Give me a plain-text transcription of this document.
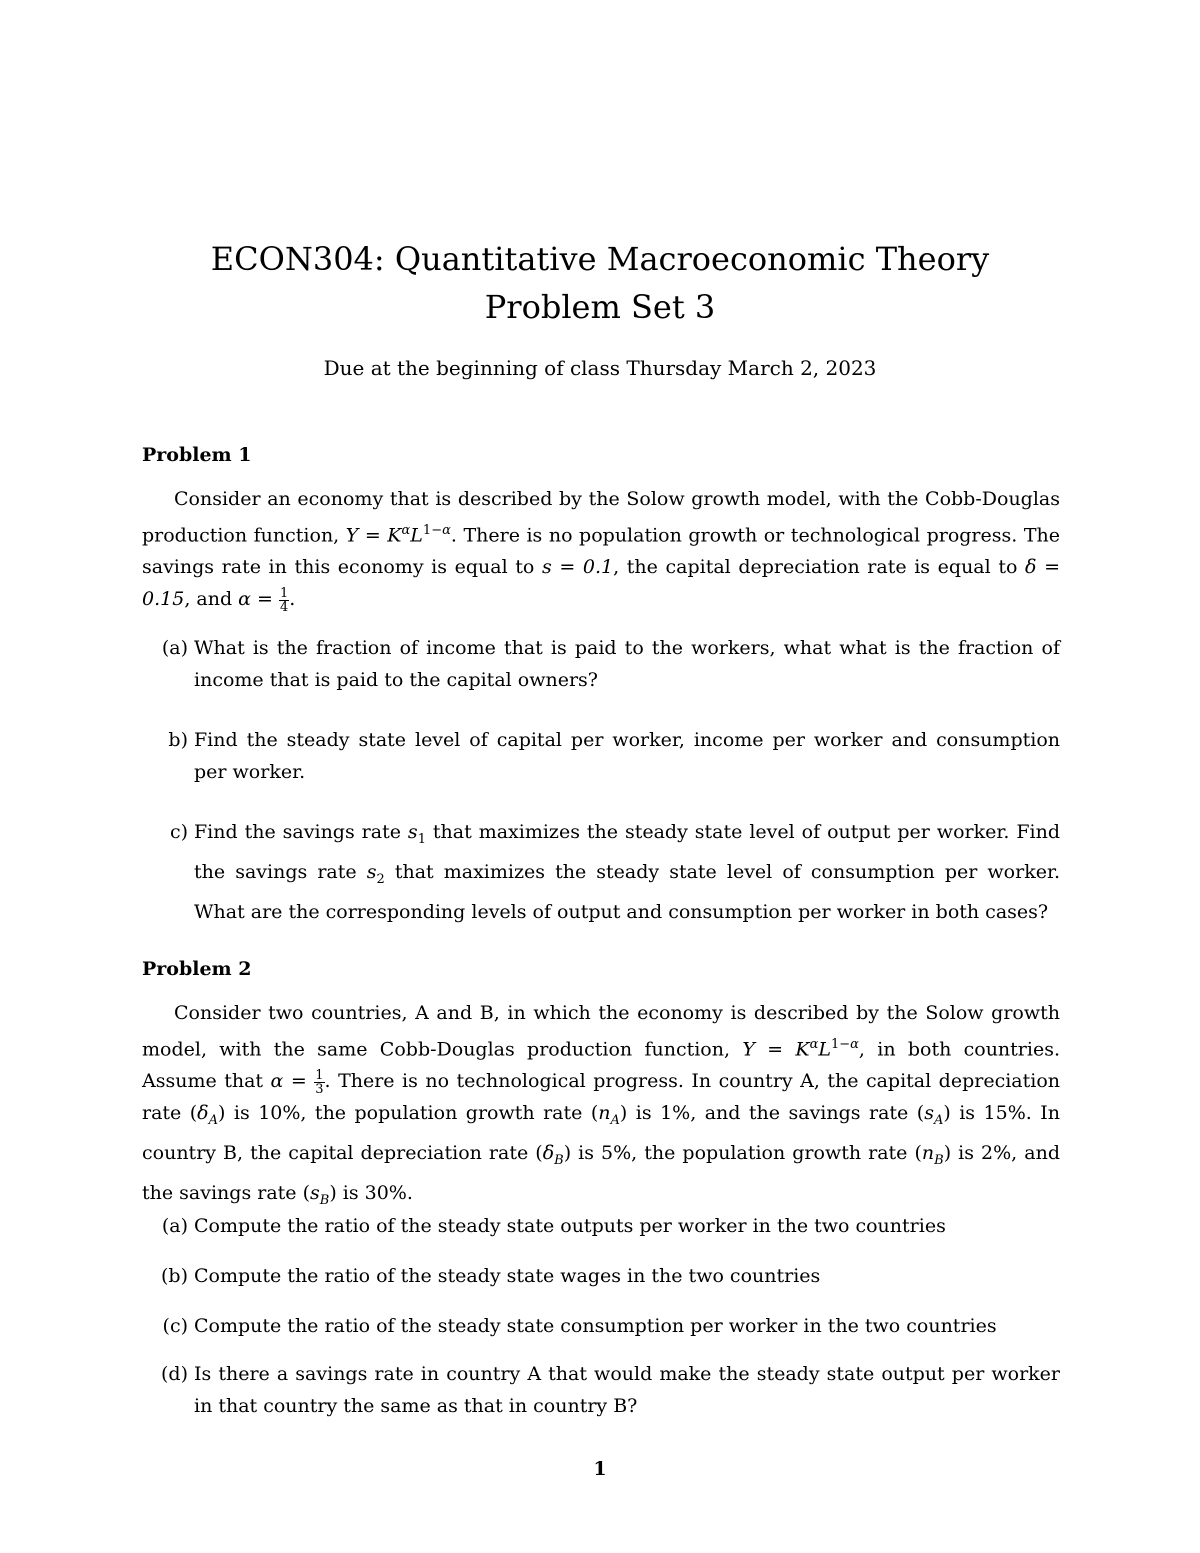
ECON304: Quantitative Macroeconomic Theory
Problem Set 3
Due at the beginning of class Thursday March 2, 2023
Problem 1
Consider an economy that is described by the Solow growth model, with the Cobb-Douglas production function, $Y = K^\alpha L^{1-\alpha}$. There is no population growth or technological progress. The savings rate in this economy is equal to s = 0.1, the capital depreciation rate is equal to δ = 0.15, and $\alpha = \frac{1}{4}$ .
(a) What is the fraction of income that is paid to the workers, what what is the fraction of income that is paid to the capital owners?
b) Find the steady state level of capital per worker, income per worker and consumption per worker.
c) Find the savings rate $s_1$ that maximizes the steady state level of output per worker. Find the savings rate $s_2$ that maximizes the steady state level of consumption per worker. What are the corresponding levels of output and consumption per worker in both cases?
Problem 2
Consider two countries, A and B, in which the economy is described by the Solow growth model, with the same Cobb-Douglas production function, $Y = K^\alpha L^{1-\alpha}$, in both countries. Assume that $\alpha = \frac{1}{3}$ . There is no technological progress. In country A, the capital depreciation rate $(\delta_A)$ is 10%, the population growth rate $(n_A)$ is 1%, and the savings rate $(s_A)$ is 15%. In country B, the capital depreciation rate $(\delta_B)$ is 5%, the population growth rate $(n_B)$ is 2%, and the savings rate $(s_B)$ is 30%.
(a) Compute the ratio of the steady state outputs per worker in the two countries
(b) Compute the ratio of the steady state wages in the two countries
(c) Compute the ratio of the steady state consumption per worker in the two countries
(d) Is there a savings rate in country A that would make the steady state output per worker in that country the same as that in country B?
1
